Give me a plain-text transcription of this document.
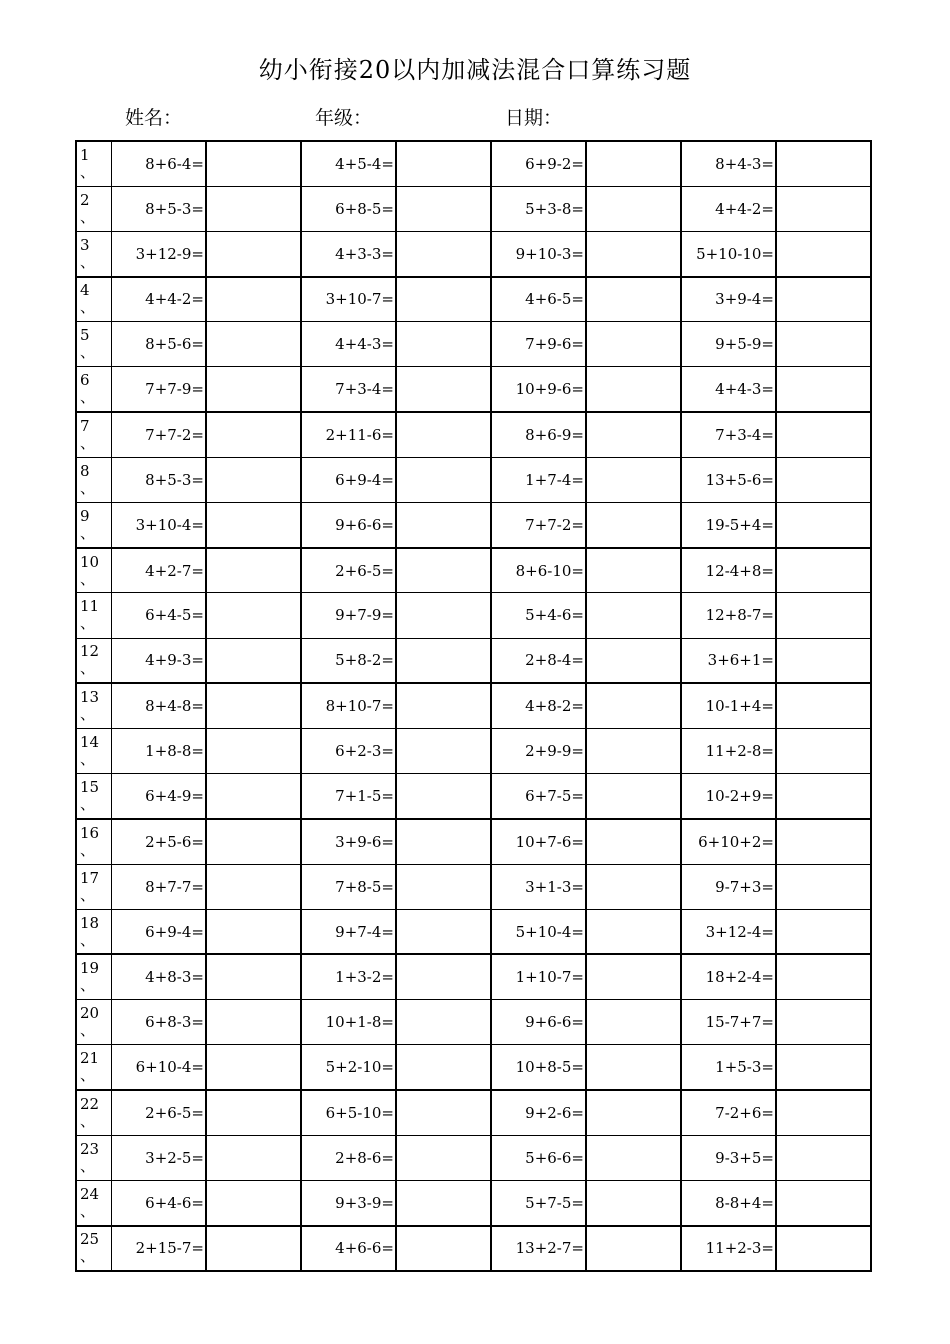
幼小衔接20以内加减法混合口算练习题
姓名：	年级：	日期：
1、	8+6-4=		4+5-4=		6+9-2=		8+4-3=	

2、	8+5-3=		6+8-5=		5+3-8=		4+4-2=	

3、	3+12-9=		4+3-3=		9+10-3=		5+10-10=	

4、	4+4-2=		3+10-7=		4+6-5=		3+9-4=	

5、	8+5-6=		4+4-3=		7+9-6=		9+5-9=	

6、	7+7-9=		7+3-4=		10+9-6=		4+4-3=	

7、	7+7-2=		2+11-6=		8+6-9=		7+3-4=	

8、	8+5-3=		6+9-4=		1+7-4=		13+5-6=	

9、	3+10-4=		9+6-6=		7+7-2=		19-5+4=	

10、	4+2-7=		2+6-5=		8+6-10=		12-4+8=	

11、	6+4-5=		9+7-9=		5+4-6=		12+8-7=	

12、	4+9-3=		5+8-2=		2+8-4=		3+6+1=	

13、	8+4-8=		8+10-7=		4+8-2=		10-1+4=	

14、	1+8-8=		6+2-3=		2+9-9=		11+2-8=	

15、	6+4-9=		7+1-5=		6+7-5=		10-2+9=	

16、	2+5-6=		3+9-6=		10+7-6=		6+10+2=	

17、	8+7-7=		7+8-5=		3+1-3=		9-7+3=	

18、	6+9-4=		9+7-4=		5+10-4=		3+12-4=	

19、	4+8-3=		1+3-2=		1+10-7=		18+2-4=	

20、	6+8-3=		10+1-8=		9+6-6=		15-7+7=	

21、	6+10-4=		5+2-10=		10+8-5=		1+5-3=	

22、	2+6-5=		6+5-10=		9+2-6=		7-2+6=	

23、	3+2-5=		2+8-6=		5+6-6=		9-3+5=	

24、	6+4-6=		9+3-9=		5+7-5=		8-8+4=	

25、	2+15-7=		4+6-6=		13+2-7=		11+2-3=	
